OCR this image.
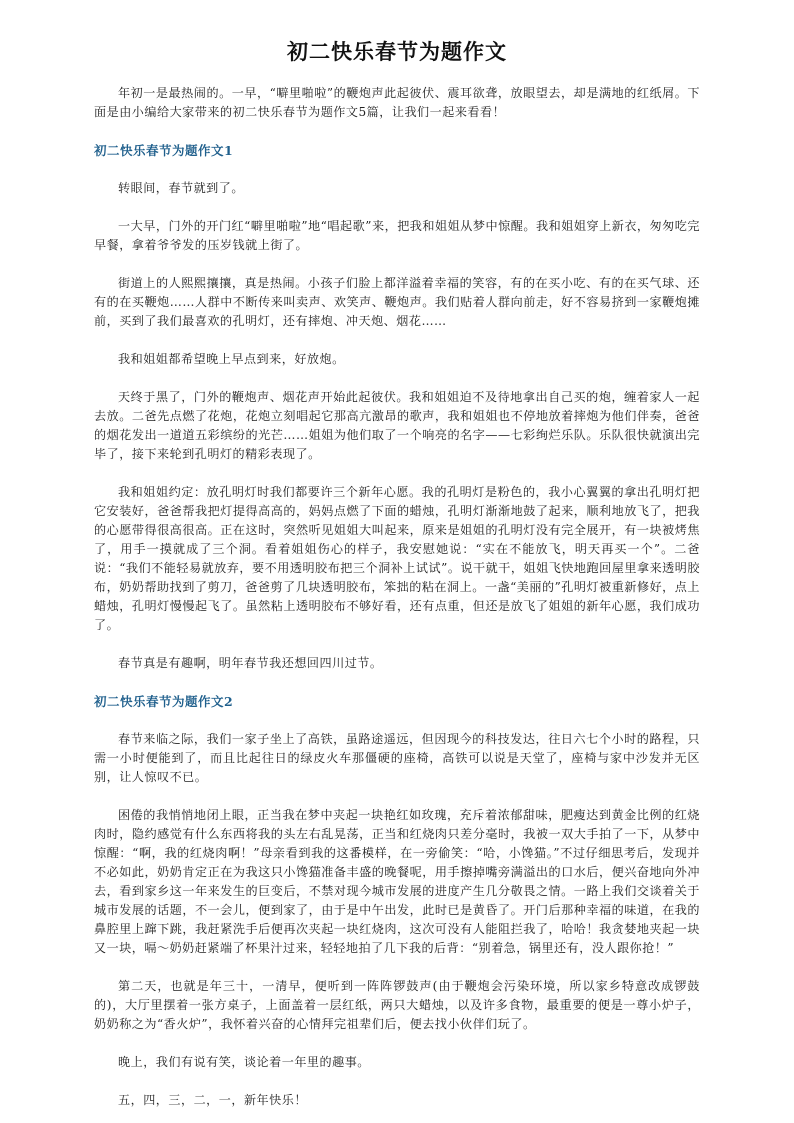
初二快乐春节为题作文

年初一是最热闹的。一早，“噼里啪啦”的鞭炮声此起彼伏、震耳欲聋，放眼望去，却是满地的红纸屑。下面是由小编给大家带来的初二快乐春节为题作文5篇，让我们一起来看看！

初二快乐春节为题作文1

转眼间，春节就到了。

一大早，门外的开门红“噼里啪啦”地“唱起歌”来，把我和姐姐从梦中惊醒。我和姐姐穿上新衣，匆匆吃完早餐，拿着爷爷发的压岁钱就上街了。

街道上的人熙熙攘攘，真是热闹。小孩子们脸上都洋溢着幸福的笑容，有的在买小吃、有的在买气球、还有的在买鞭炮……人群中不断传来叫卖声、欢笑声、鞭炮声。我们贴着人群向前走，好不容易挤到一家鞭炮摊前，买到了我们最喜欢的孔明灯，还有摔炮、冲天炮、烟花……

我和姐姐都希望晚上早点到来，好放炮。

天终于黑了，门外的鞭炮声、烟花声开始此起彼伏。我和姐姐迫不及待地拿出自己买的炮，缠着家人一起去放。二爸先点燃了花炮，花炮立刻唱起它那高亢激昂的歌声，我和姐姐也不停地放着摔炮为他们伴奏，爸爸的烟花发出一道道五彩缤纷的光芒……姐姐为他们取了一个响亮的名字——七彩绚烂乐队。乐队很快就演出完毕了，接下来轮到孔明灯的精彩表现了。

我和姐姐约定：放孔明灯时我们都要许三个新年心愿。我的孔明灯是粉色的，我小心翼翼的拿出孔明灯把它安装好，爸爸帮我把灯提得高高的，妈妈点燃了下面的蜡烛，孔明灯渐渐地鼓了起来，顺利地放飞了，把我的心愿带得很高很高。正在这时，突然听见姐姐大叫起来，原来是姐姐的孔明灯没有完全展开，有一块被烤焦了，用手一摸就成了三个洞。看着姐姐伤心的样子，我安慰她说：“实在不能放飞，明天再买一个”。二爸说：“我们不能轻易就放弃，要不用透明胶布把三个洞补上试试”。说干就干，姐姐飞快地跑回屋里拿来透明胶布，奶奶帮助找到了剪刀，爸爸剪了几块透明胶布，笨拙的粘在洞上。一盏“美丽的”孔明灯被重新修好，点上蜡烛，孔明灯慢慢起飞了。虽然粘上透明胶布不够好看，还有点重，但还是放飞了姐姐的新年心愿，我们成功了。

春节真是有趣啊，明年春节我还想回四川过节。

初二快乐春节为题作文2

春节来临之际，我们一家子坐上了高铁，虽路途遥远，但因现今的科技发达，往日六七个小时的路程，只需一小时便能到了，而且比起往日的绿皮火车那僵硬的座椅，高铁可以说是天堂了，座椅与家中沙发并无区别，让人惊叹不已。

困倦的我悄悄地闭上眼，正当我在梦中夹起一块艳红如玫瑰，充斥着浓郁甜味，肥瘦达到黄金比例的红烧肉时，隐约感觉有什么东西将我的头左右乱晃荡，正当和红烧肉只差分毫时，我被一双大手拍了一下，从梦中惊醒：“啊，我的红烧肉啊！”母亲看到我的这番模样，在一旁偷笑：“哈，小馋猫。”不过仔细思考后，发现并不必如此，奶奶肯定正在为我这只小馋猫准备丰盛的晚餐呢，用手擦掉嘴旁满溢出的口水后，便兴奋地向外冲去，看到家乡这一年来发生的巨变后，不禁对现今城市发展的进度产生几分敬畏之情。一路上我们交谈着关于城市发展的话题，不一会儿，便到家了，由于是中午出发，此时已是黄昏了。开门后那种幸福的味道，在我的鼻腔里上蹿下跳，我赶紧洗手后便再次夹起一块红烧肉，这次可没有人能阻拦我了，哈哈！我贪婪地夹起一块又一块，嗝～奶奶赶紧端了杯果汁过来，轻轻地拍了几下我的后背：“别着急，锅里还有，没人跟你抢！”

第二天，也就是年三十，一清早，便听到一阵阵锣鼓声(由于鞭炮会污染环境，所以家乡特意改成锣鼓的)，大厅里摆着一张方桌子，上面盖着一层红纸，两只大蜡烛，以及许多食物，最重要的便是一尊小炉子，奶奶称之为“香火炉”，我怀着兴奋的心情拜完祖辈们后，便去找小伙伴们玩了。

晚上，我们有说有笑，谈论着一年里的趣事。

五，四，三，二，一，新年快乐！
